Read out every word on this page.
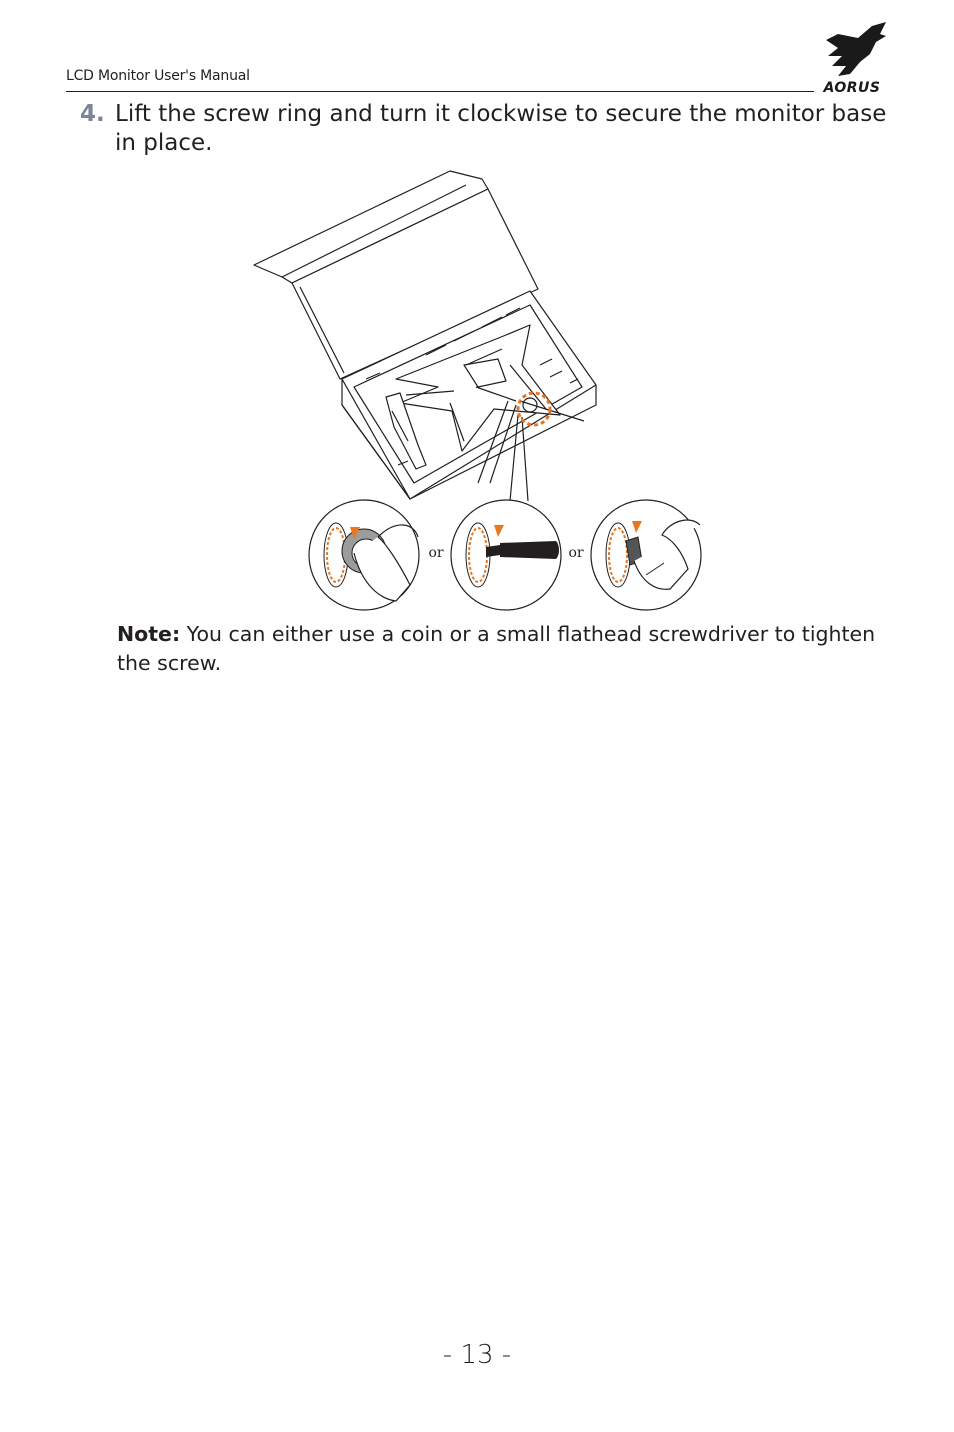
LCD Monitor User's Manual
AORUS
4. Lift the screw ring and turn it clockwise to secure the monitor base in place.
or	or
Note: You can either use a coin or a small flathead screwdriver to tighten the screw.
- 13 -
